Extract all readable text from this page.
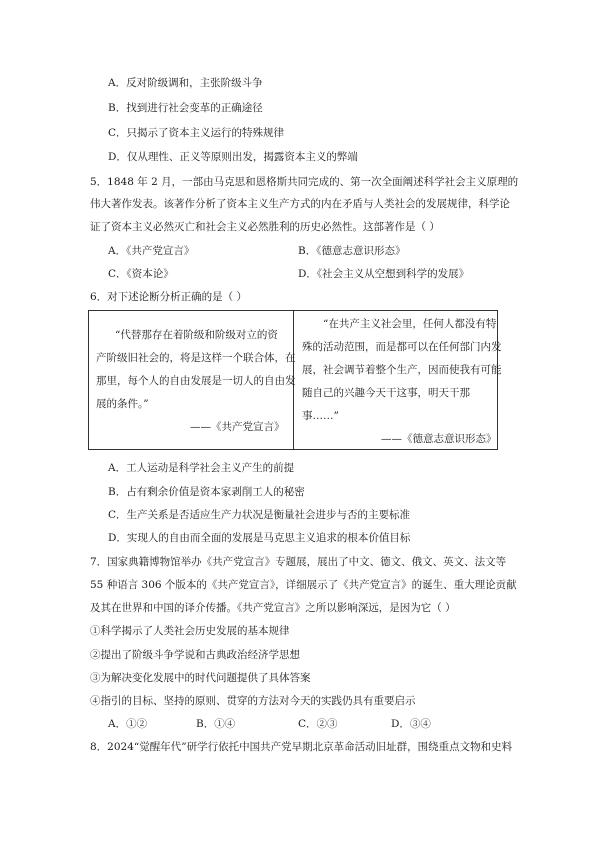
A．反对阶级调和，主张阶级斗争
B．找到进行社会变革的正确途径
C．只揭示了资本主义运行的特殊规律
D．仅从理性、正义等原则出发，揭露资本主义的弊端
5．1848 年 2 月，一部由马克思和恩格斯共同完成的、第一次全面阐述科学社会主义原理的
伟大著作发表。该著作分析了资本主义生产方式的内在矛盾与人类社会的发展规律，科学论
证了资本主义必然灭亡和社会主义必然胜利的历史必然性。这部著作是（ ）
A．《共产党宣言》	B．《德意志意识形态》
C．《资本论》	D．《社会主义从空想到科学的发展》
6．对下述论断分析正确的是（ ）
“代替那存在着阶级和阶级对立的资
产阶级旧社会的，将是这样一个联合体，在
那里，每个人的自由发展是一切人的自由发
展的条件。”
——《共产党宣言》
“在共产主义社会里，任何人都没有特
殊的活动范围，而是都可以在任何部门内发
展，社会调节着整个生产，因而使我有可能
随自己的兴趣今天干这事，明天干那
事……”
——《德意志意识形态》
A．工人运动是科学社会主义产生的前提
B．占有剩余价值是资本家剥削工人的秘密
C．生产关系是否适应生产力状况是衡量社会进步与否的主要标准
D．实现人的自由而全面的发展是马克思主义追求的根本价值目标
7．国家典籍博物馆举办《共产党宣言》专题展，展出了中文、德文、俄文、英文、法文等
55 种语言 306 个版本的《共产党宣言》，详细展示了《共产党宣言》的诞生、重大理论贡献
及其在世界和中国的译介传播。《共产党宣言》之所以影响深远，是因为它（ ）
①科学揭示了人类社会历史发展的基本规律
②提出了阶级斗争学说和古典政治经济学思想
③为解决变化发展中的时代问题提供了具体答案
④指引的目标、坚持的原则、贯穿的方法对今天的实践仍具有重要启示
A．①②	B．①④	C．②③	D．③④
8．2024“觉醒年代”研学行依托中国共产党早期北京革命活动旧址群，围绕重点文物和史料
